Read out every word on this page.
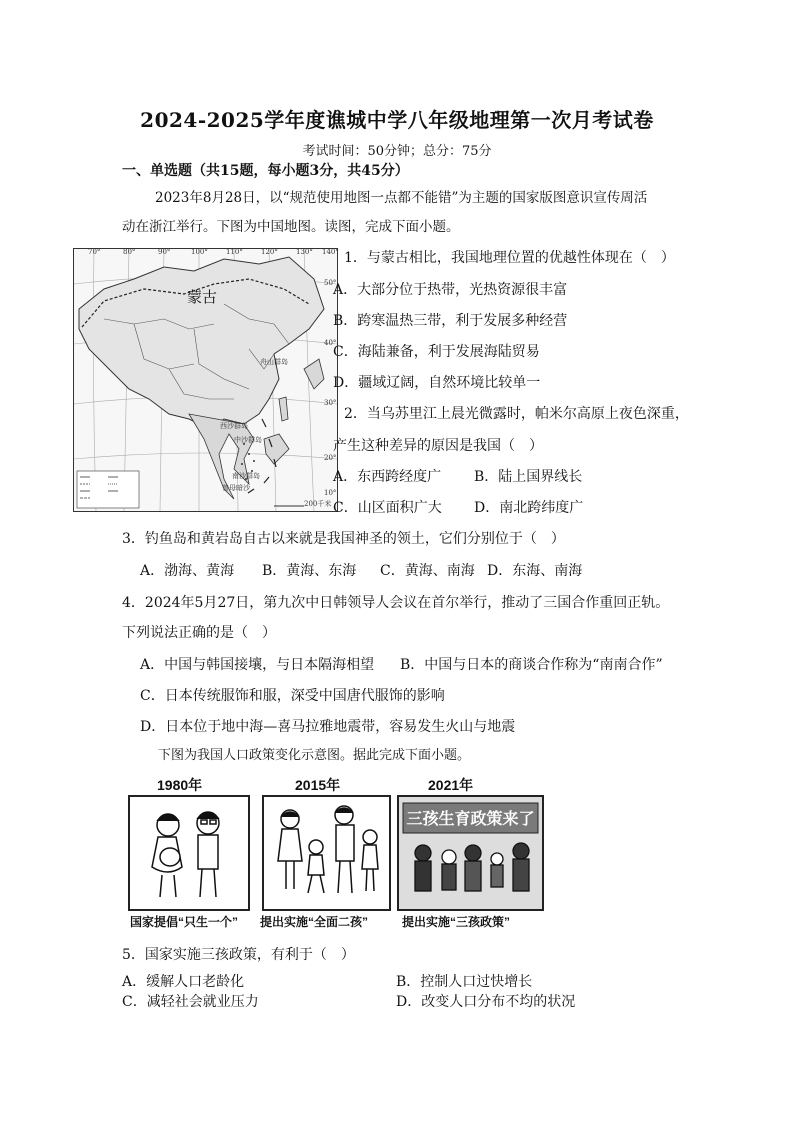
2024-2025学年度谯城中学八年级地理第一次月考试卷
考试时间：50分钟；总分：75分
一、单选题（共15题，每小题3分，共45分）
2023年8月28日，以“规范使用地图一点都不能错”为主题的国家版图意识宣传周活
动在浙江举行。下图为中国地图。读图，完成下面小题。
70°	80°	90°	100°	110°	120°	130° 140°
50°
40°
30°
20°
10°
蒙古
舟山群岛
西沙群岛
中沙群岛
南沙群岛
曾母暗沙
200千米
1．与蒙古相比，我国地理位置的优越性体现在（　）
A．大部分位于热带，光热资源很丰富
B．跨寒温热三带，利于发展多种经营
C．海陆兼备，利于发展海陆贸易
D．疆域辽阔，自然环境比较单一
2．当乌苏里江上晨光微露时，帕米尔高原上夜色深重，
产生这种差异的原因是我国（　）
A．东西跨经度广 B．陆上国界线长
C．山区面积广大 D．南北跨纬度广
3．钓鱼岛和黄岩岛自古以来就是我国神圣的领土，它们分别位于（　）
A．渤海、黄海 B．黄海、东海 C．黄海、南海 D．东海、南海
4．2024年5月27日，第九次中日韩领导人会议在首尔举行，推动了三国合作重回正轨。
下列说法正确的是（　）
A．中国与韩国接壤，与日本隔海相望 B．中国与日本的商谈合作称为“南南合作”
C．日本传统服饰和服，深受中国唐代服饰的影响
D．日本位于地中海—喜马拉雅地震带，容易发生火山与地震
下图为我国人口政策变化示意图。据此完成下面小题。
1980年
国家提倡“只生一个”
2015年
提出实施“全面二孩”
2021年
三孩生育政策来了
提出实施“三孩政策”
5．国家实施三孩政策，有利于（　）
A．缓解人口老龄化	B．控制人口过快增长
C．减轻社会就业压力	D．改变人口分布不均的状况
